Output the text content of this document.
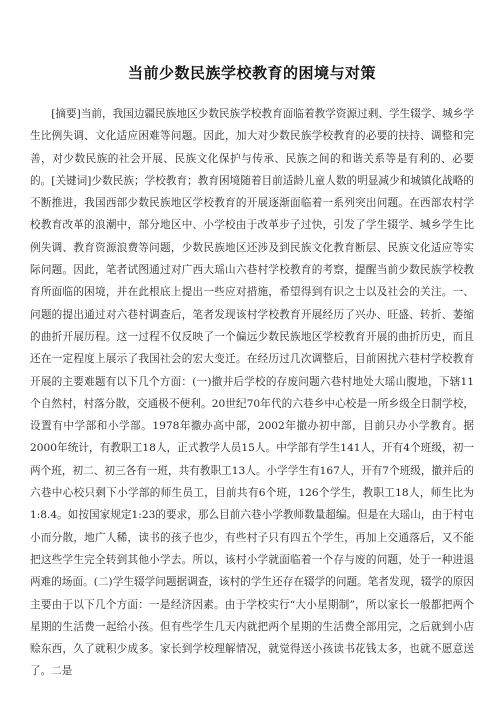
当前少数民族学校教育的困境与对策

[摘要]当前，我国边疆民族地区少数民族学校教育面临着教学资源过剩、学生辍学、城乡学生比例失调、文化适应困难等问题。因此，加大对少数民族学校教育的必要的扶持、调整和完善，对少数民族的社会开展、民族文化保护与传承、民族之间的和谐关系等是有利的、必要的。[关键词]少数民族；学校教育；教育困境随着目前适龄儿童人数的明显减少和城镇化战略的不断推进，我国西部少数民族地区学校教育的开展逐渐面临着一系列突出问题。在西部农村学校教育改革的浪潮中，部分地区中、小学校由于改革步子过快，引发了学生辍学、城乡学生比例失调、教育资源浪费等问题，少数民族地区还涉及到民族文化教育断层、民族文化适应等实际问题。因此，笔者试图通过对广西大瑶山六巷村学校教育的考察，提醒当前少数民族学校教育所面临的困境，并在此根底上提出一些应对措施，希望得到有识之士以及社会的关注。一、问题的提出通过对六巷村调查后，笔者发现该村学校教育开展经历了兴办、旺盛、转折、萎缩的曲折开展历程。这一过程不仅反映了一个偏远少数民族地区学校教育开展的曲折历史，而且还在一定程度上展示了我国社会的宏大变迁。在经历过几次调整后，目前困扰六巷村学校教育开展的主要难题有以下几个方面：(一)撤并后学校的存废问题六巷村地处大瑶山腹地，下辖11个自然村，村落分散，交通极不便利。20世纪70年代的六巷乡中心校是一所乡级全日制学校，设置有中学部和小学部。1978年撤办高中部，2002年撤办初中部，目前只办小学教育。据2000年统计，有教职工18人，正式教学人员15人。中学部有学生141人，开有4个班级，初一两个班，初二、初三各有一班，共有教职工13人。小学学生有167人，开有7个班级，撤并后的六巷中心校只剩下小学部的师生员工，目前共有6个班，126个学生，教职工18人，师生比为1:8.4。如按国家规定1:23的要求，那么目前六巷小学教师数量超编。但是在大瑶山，由于村屯小而分散，地广人稀，读书的孩子也少，有些村子只有四五个学生，再加上交通落后，又不能把这些学生完全转到其他小学去。所以，该村小学就面临着一个存与废的问题，处于一种进退两难的场面。(二)学生辍学问题据调查，该村的学生还存在辍学的问题。笔者发现，辍学的原因主要由于以下几个方面：一是经济因素。由于学校实行“大小星期制”，所以家长一般都把两个星期的生活费一起给小孩。但有些学生几天内就把两个星期的生活费全部用完，之后就到小店赊东西，久了就积少成多。家长到学校理解情况，就觉得送小孩读书花钱太多，也就不愿意送了。二是
